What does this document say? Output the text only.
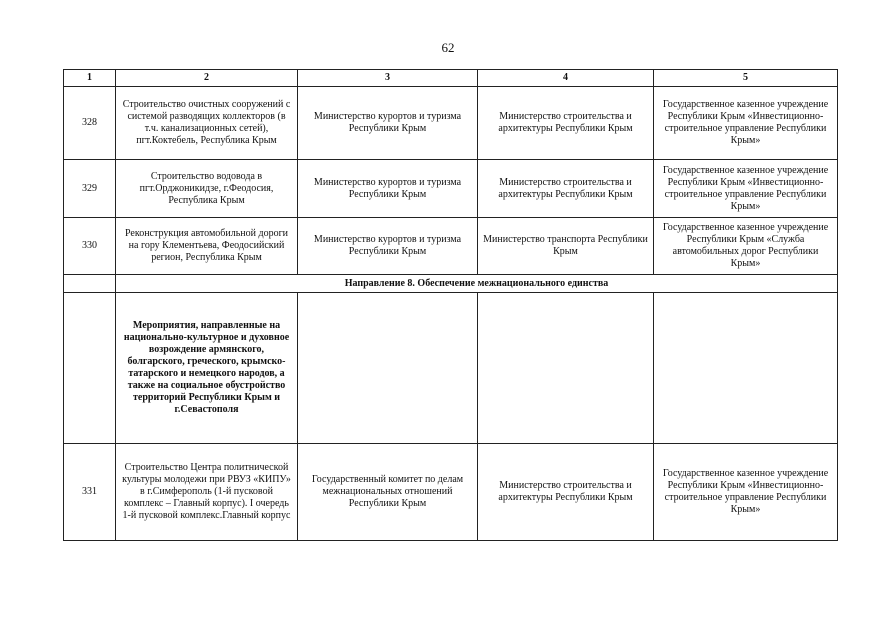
62
1	2	3	4	5
328	Строительство очистных сооружений с системой разводящих коллекторов (в т.ч. канализационных сетей), пгт.Коктебель, Республика Крым	Министерство курортов и туризма Республики Крым	Министерство строительства и архитектуры Республики Крым	Государственное казенное учреждение Республики Крым «Инвестиционно-строительное управление Республики Крым»
329	Строительство водовода в пгт.Орджоникидзе, г.Феодосия, Республика Крым	Министерство курортов и туризма Республики Крым	Министерство строительства и архитектуры Республики Крым	Государственное казенное учреждение Республики Крым «Инвестиционно-строительное управление Республики Крым»
330	Реконструкция автомобильной дороги на гору Клементьева, Феодосийский регион, Республика Крым	Министерство курортов и туризма Республики Крым	Министерство транспорта Республики Крым	Государственное казенное учреждение Республики Крым «Служба автомобильных дорог Республики Крым»
	Направление 8. Обеспечение межнационального единства			
	Мероприятия, направленные на национально-культурное и духовное возрождение армянского, болгарского, греческого, крымско-татарского и немецкого народов, а также на социальное обустройство территорий Республики Крым и г.Севастополя			
331	Строительство Центра политнической культуры молодежи при РВУЗ «КИПУ» в г.Симферополь (1-й пусковой комплекс – Главный корпус). I очередь 1-й пусковой комплекс.Главный корпус	Государственный комитет по делам межнациональных отношений Республики Крым	Министерство строительства и архитектуры Республики Крым	Государственное казенное учреждение Республики Крым «Инвестиционно-строительное управление Республики Крым»
